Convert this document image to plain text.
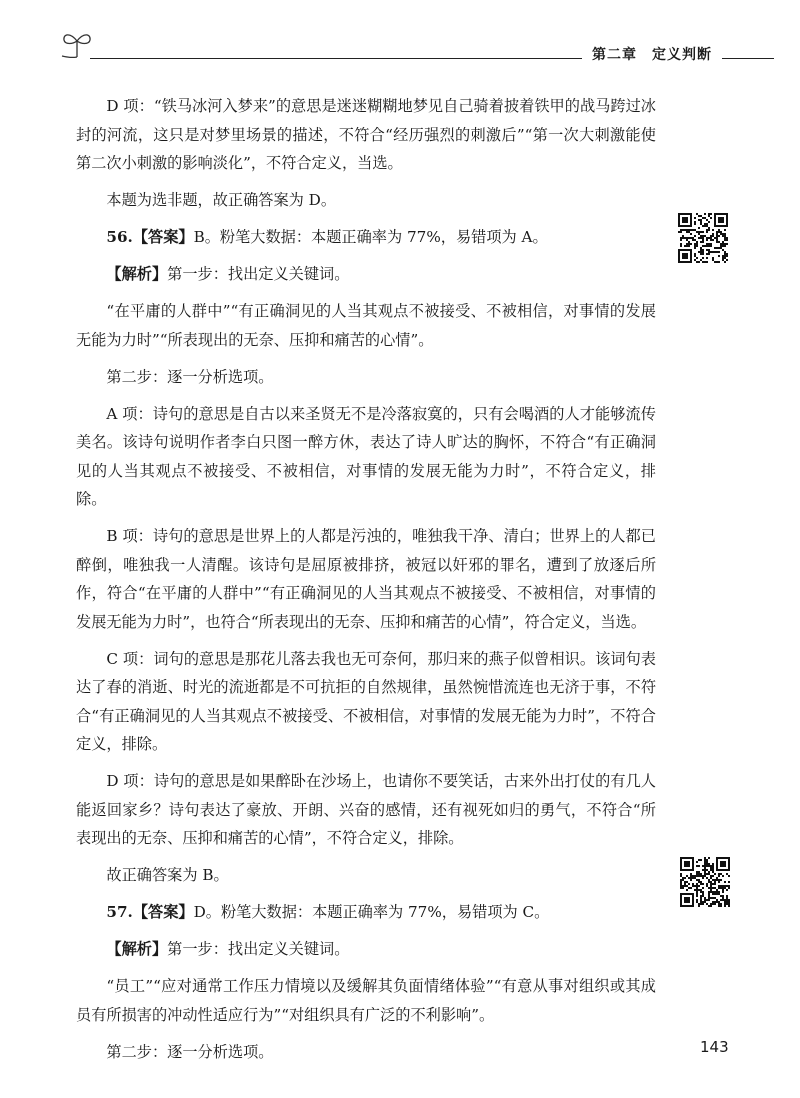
第二章　定义判断

D 项：“铁马冰河入梦来”的意思是迷迷糊糊地梦见自己骑着披着铁甲的战马跨过冰封的河流，这只是对梦里场景的描述，不符合“经历强烈的刺激后”“第一次大刺激能使第二次小刺激的影响淡化”，不符合定义，当选。

本题为选非题，故正确答案为 D。

56.【答案】B。粉笔大数据：本题正确率为 77%，易错项为 A。

【解析】第一步：找出定义关键词。

“在平庸的人群中”“有正确洞见的人当其观点不被接受、不被相信，对事情的发展无能为力时”“所表现出的无奈、压抑和痛苦的心情”。

第二步：逐一分析选项。

A 项：诗句的意思是自古以来圣贤无不是冷落寂寞的，只有会喝酒的人才能够流传美名。该诗句说明作者李白只图一醉方休，表达了诗人旷达的胸怀，不符合“有正确洞见的人当其观点不被接受、不被相信，对事情的发展无能为力时”，不符合定义，排除。

B 项：诗句的意思是世界上的人都是污浊的，唯独我干净、清白；世界上的人都已醉倒，唯独我一人清醒。该诗句是屈原被排挤，被冠以奸邪的罪名，遭到了放逐后所作，符合“在平庸的人群中”“有正确洞见的人当其观点不被接受、不被相信，对事情的发展无能为力时”，也符合“所表现出的无奈、压抑和痛苦的心情”，符合定义，当选。

C 项：词句的意思是那花儿落去我也无可奈何，那归来的燕子似曾相识。该词句表达了春的消逝、时光的流逝都是不可抗拒的自然规律，虽然惋惜流连也无济于事，不符合“有正确洞见的人当其观点不被接受、不被相信，对事情的发展无能为力时”，不符合定义，排除。

D 项：诗句的意思是如果醉卧在沙场上，也请你不要笑话，古来外出打仗的有几人能返回家乡？诗句表达了豪放、开朗、兴奋的感情，还有视死如归的勇气，不符合“所表现出的无奈、压抑和痛苦的心情”，不符合定义，排除。

故正确答案为 B。

57.【答案】D。粉笔大数据：本题正确率为 77%，易错项为 C。

【解析】第一步：找出定义关键词。

“员工”“应对通常工作压力情境以及缓解其负面情绪体验”“有意从事对组织或其成员有所损害的冲动性适应行为”“对组织具有广泛的不利影响”。

第二步：逐一分析选项。	143
